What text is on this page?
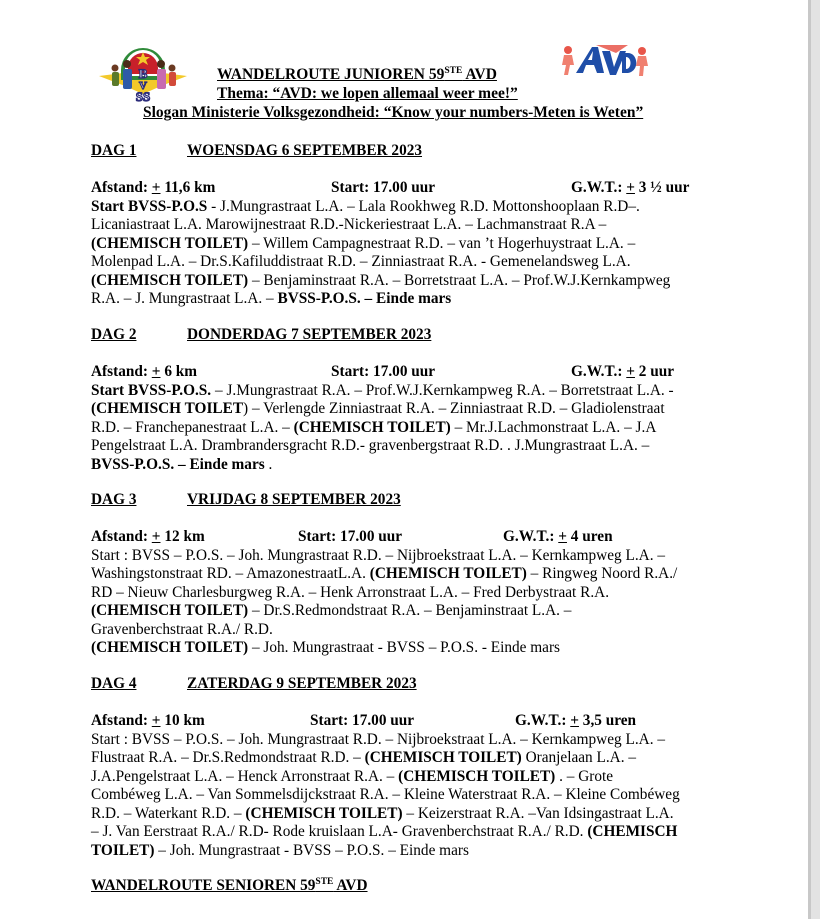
B
V
SS
WANDELROUTE JUNIOREN 59STE AVD
Thema: “AVD: we lopen allemaal weer mee!”
Slogan Ministerie Volksgezondheid: “Know your numbers-Meten is Weten”
DAG 1	WOENSDAG 6 SEPTEMBER 2023
Afstand: + 11,6 km	Start: 17.00 uur	G.W.T.: + 3 ½ uur
Start BVSS-P.O.S - J.Mungrastraat L.A. – Lala Rookhweg R.D. Mottonshooplaan R.D–.
Licaniastraat L.A. Marowijnestraat R.D.-Nickeriestraat L.A. – Lachmanstraat R.A –
(CHEMISCH TOILET) – Willem Campagnestraat R.D. – van ’t Hogerhuystraat L.A. –
Molenpad L.A. – Dr.S.Kafiluddistraat R.D. – Zinniastraat R.A. - Gemenelandsweg L.A.
(CHEMISCH TOILET) – Benjaminstraat R.A. – Borretstraat L.A. – Prof.W.J.Kernkampweg
R.A. – J. Mungrastraat L.A. – BVSS-P.O.S. – Einde mars
DAG 2	DONDERDAG 7 SEPTEMBER 2023
Afstand: + 6 km	Start: 17.00 uur	G.W.T.: + 2 uur
Start BVSS-P.O.S. – J.Mungrastraat R.A. – Prof.W.J.Kernkampweg R.A. – Borretstraat L.A. -
(CHEMISCH TOILET) – Verlengde Zinniastraat R.A. – Zinniastraat R.D. – Gladiolenstraat
R.D. – Franchepanestraat L.A. – (CHEMISCH TOILET) – Mr.J.Lachmonstraat L.A. – J.A
Pengelstraat L.A. Drambrandersgracht R.D.- gravenbergstraat R.D. . J.Mungrastraat L.A. –
BVSS-P.O.S. – Einde mars .
DAG 3	VRIJDAG 8 SEPTEMBER 2023
Afstand: + 12 km	Start: 17.00 uur	G.W.T.: + 4 uren
Start : BVSS – P.O.S. – Joh. Mungrastraat R.D. – Nijbroekstraat L.A. – Kernkampweg L.A. –
Washingstonstraat RD. – AmazonestraatL.A. (CHEMISCH TOILET) – Ringweg Noord R.A./
RD – Nieuw Charlesburgweg R.A. – Henk Arronstraat L.A. – Fred Derbystraat R.A.
(CHEMISCH TOILET) – Dr.S.Redmondstraat R.A. – Benjaminstraat L.A. –
Gravenberchstraat R.A./ R.D.
(CHEMISCH TOILET) – Joh. Mungrastraat - BVSS – P.O.S. - Einde mars
DAG 4	ZATERDAG 9 SEPTEMBER 2023
Afstand: + 10 km	Start: 17.00 uur	G.W.T.: + 3,5 uren
Start : BVSS – P.O.S. – Joh. Mungrastraat R.D. – Nijbroekstraat L.A. – Kernkampweg L.A. –
Flustraat R.A. – Dr.S.Redmondstraat R.D. – (CHEMISCH TOILET) Oranjelaan L.A. –
J.A.Pengelstraat L.A. – Henck Arronstraat R.A. – (CHEMISCH TOILET) . – Grote
Combéweg L.A. – Van Sommelsdijckstraat R.A. – Kleine Waterstraat R.A. – Kleine Combéweg
R.D. – Waterkant R.D. – (CHEMISCH TOILET) – Keizerstraat R.A. –Van Idsingastraat L.A.
– J. Van Eerstraat R.A./ R.D- Rode kruislaan L.A- Gravenberchstraat R.A./ R.D. (CHEMISCH
TOILET) – Joh. Mungrastraat - BVSS – P.O.S. – Einde mars
WANDELROUTE SENIOREN 59STE AVD
